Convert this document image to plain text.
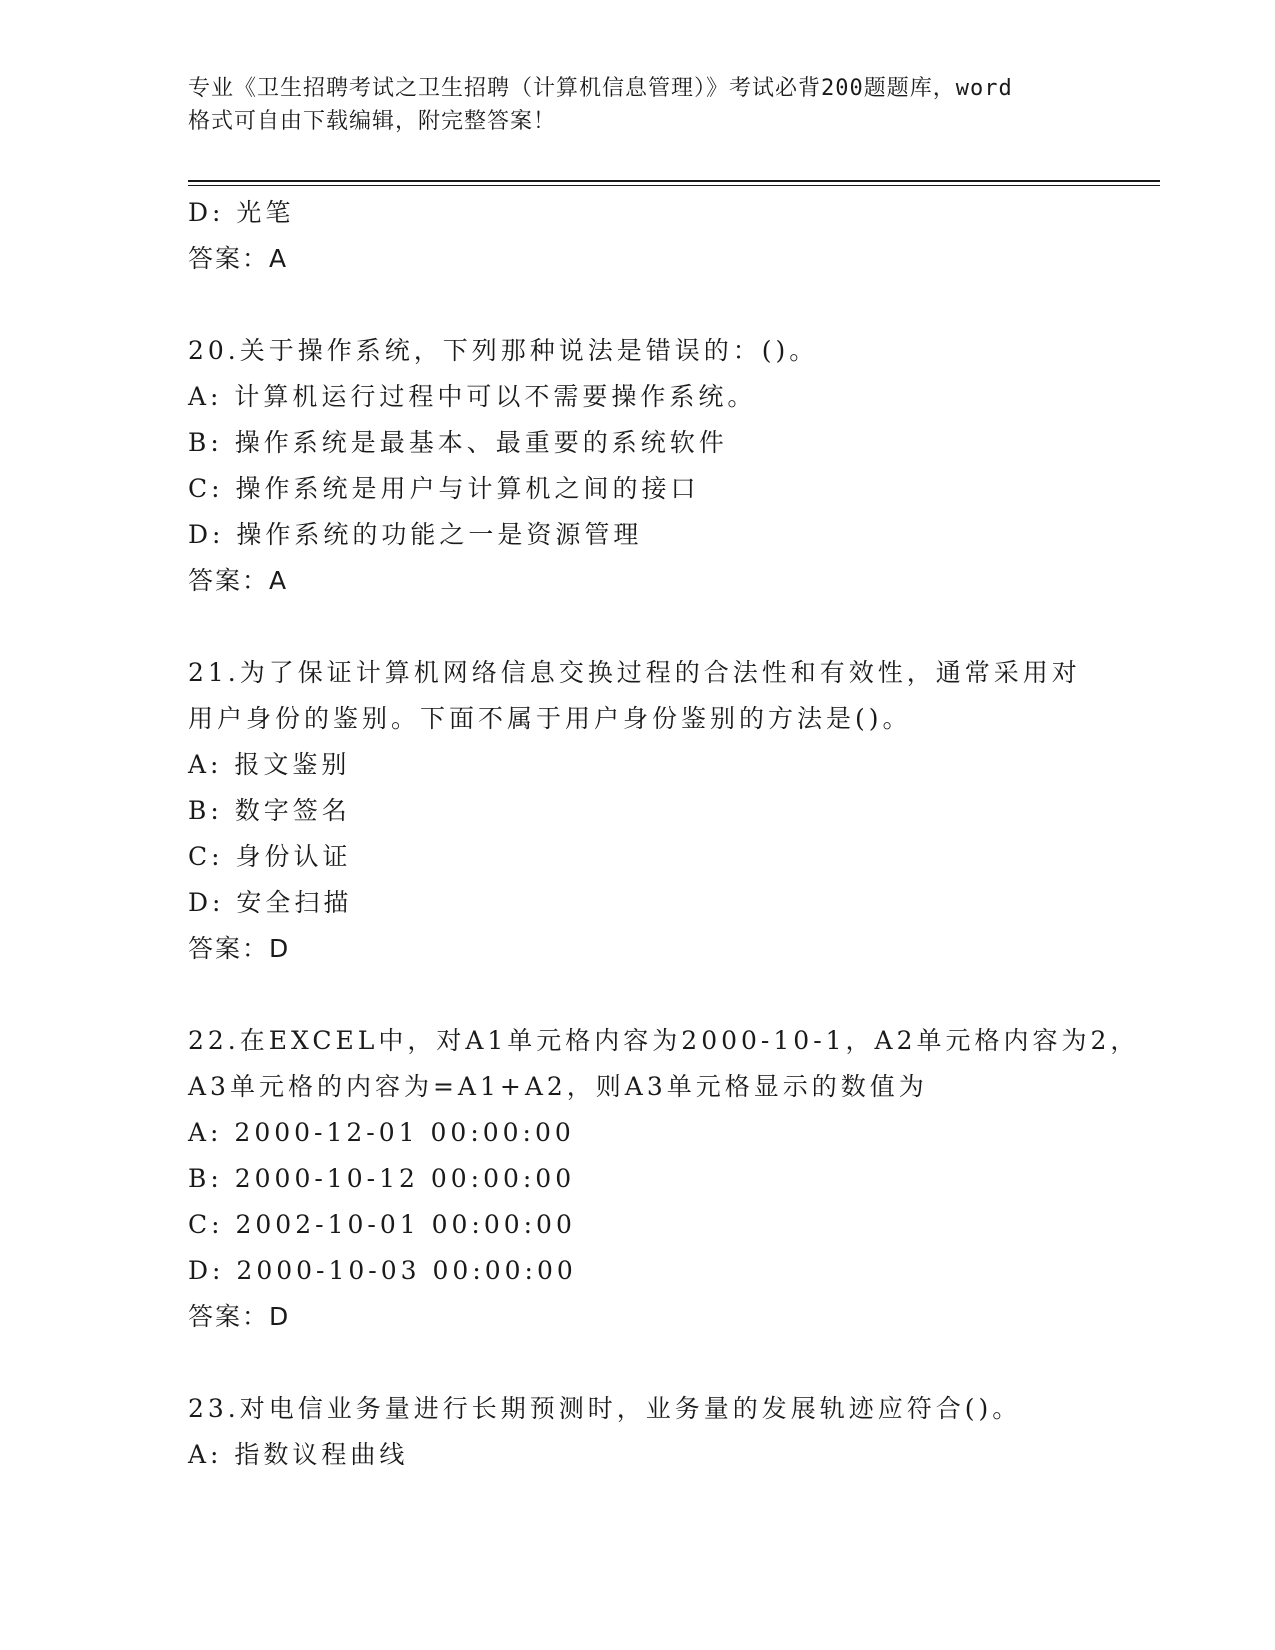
专业《卫生招聘考试之卫生招聘（计算机信息管理）》考试必背200题题库，word
格式可自由下载编辑，附完整答案！
D: 光笔
答案：A
20.关于操作系统，下列那种说法是错误的：()。
A: 计算机运行过程中可以不需要操作系统。
B: 操作系统是最基本、最重要的系统软件
C: 操作系统是用户与计算机之间的接口
D: 操作系统的功能之一是资源管理
答案：A
21.为了保证计算机网络信息交换过程的合法性和有效性，通常采用对
用户身份的鉴别。下面不属于用户身份鉴别的方法是()。
A: 报文鉴别
B: 数字签名
C: 身份认证
D: 安全扫描
答案：D
22.在EXCEL中，对A1单元格内容为2000-10-1，A2单元格内容为2，
A3单元格的内容为=A1+A2，则A3单元格显示的数值为
A: 2000-12-01 00:00:00
B: 2000-10-12 00:00:00
C: 2002-10-01 00:00:00
D: 2000-10-03 00:00:00
答案：D
23.对电信业务量进行长期预测时，业务量的发展轨迹应符合()。
A: 指数议程曲线
